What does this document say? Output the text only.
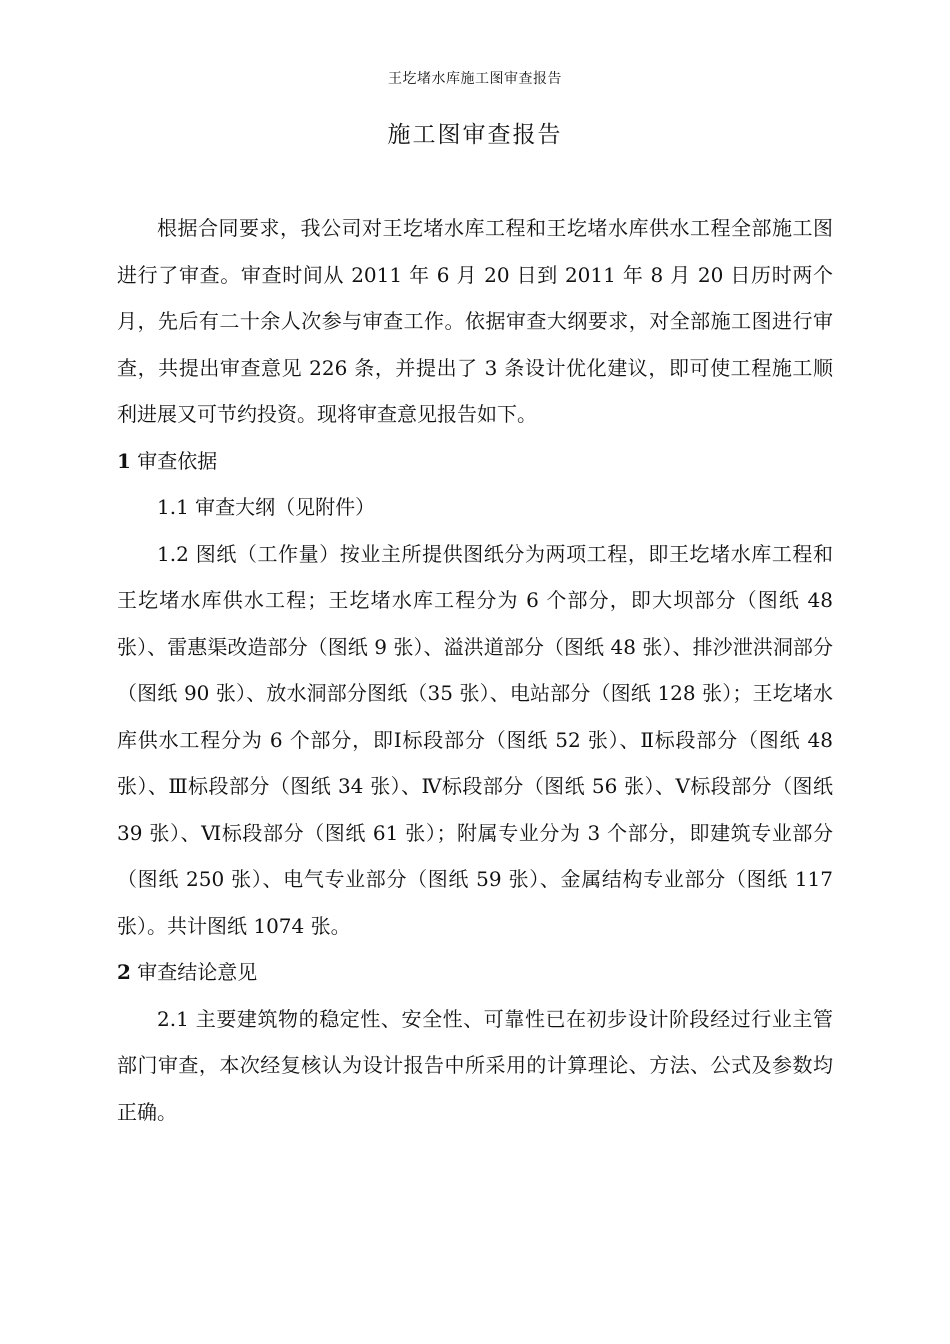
王圪堵水库施工图审查报告
施工图审查报告

根据合同要求，我公司对王圪堵水库工程和王圪堵水库供水工程全部施工图进行了审查。审查时间从 2011 年 6 月 20 日到 2011 年 8 月 20 日历时两个月，先后有二十余人次参与审查工作。依据审查大纲要求，对全部施工图进行审查，共提出审查意见 226 条，并提出了 3 条设计优化建议，即可使工程施工顺利进展又可节约投资。现将审查意见报告如下。

1 审查依据

1.1 审查大纲（见附件）

1.2 图纸（工作量）按业主所提供图纸分为两项工程，即王圪堵水库工程和王圪堵水库供水工程；王圪堵水库工程分为 6 个部分，即大坝部分（图纸 48 张）、雷惠渠改造部分（图纸 9 张）、溢洪道部分（图纸 48 张）、排沙泄洪洞部分（图纸 90 张）、放水洞部分图纸（35 张）、电站部分（图纸 128 张）；王圪堵水库供水工程分为 6 个部分，即Ⅰ标段部分（图纸 52 张）、Ⅱ标段部分（图纸 48 张）、Ⅲ标段部分（图纸 34 张）、Ⅳ标段部分（图纸 56 张）、Ⅴ标段部分（图纸 39 张）、Ⅵ标段部分（图纸 61 张）；附属专业分为 3 个部分，即建筑专业部分（图纸 250 张）、电气专业部分（图纸 59 张）、金属结构专业部分（图纸 117 张）。共计图纸 1074 张。

2 审查结论意见

2.1 主要建筑物的稳定性、安全性、可靠性已在初步设计阶段经过行业主管部门审查，本次经复核认为设计报告中所采用的计算理论、方法、公式及参数均正确。
